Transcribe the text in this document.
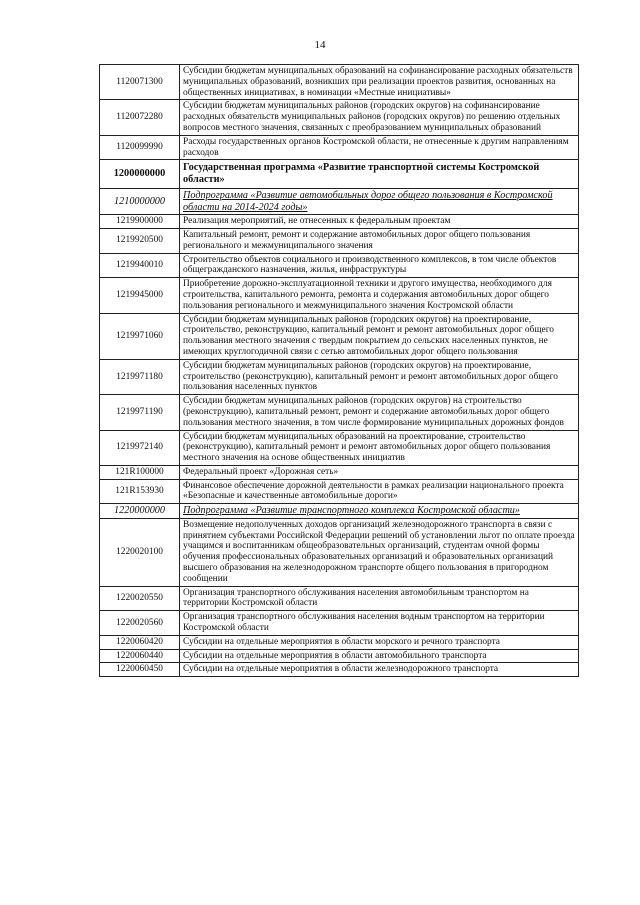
14
1120071300	Субсидии бюджетам муниципальных образований на софинансирование расходных обязательств муниципальных образований, возникших при реализации проектов развития, основанных на общественных инициативах, в номинации «Местные инициативы»
1120072280	Субсидии бюджетам муниципальных районов (городских округов) на софинансирование расходных обязательств муниципальных районов (городских округов) по решению отдельных вопросов местного значения, связанных с преобразованием муниципальных образований
1120099990	Расходы государственных органов Костромской области, не отнесенные к другим направлениям расходов
1200000000	Государственная программа «Развитие транспортной системы Костромской области»
1210000000	Подпрограмма «Развитие автомобильных дорог общего пользования в Костромской области на 2014-2024 годы»
1219900000	Реализация мероприятий, не отнесенных к федеральным проектам
1219920500	Капитальный ремонт, ремонт и содержание автомобильных дорог общего пользования регионального и межмуниципального значения
1219940010	Строительство объектов социального и производственного комплексов, в том числе объектов общегражданского назначения, жилья, инфраструктуры
1219945000	Приобретение дорожно-эксплуатационной техники и другого имущества, необходимого для строительства, капитального ремонта, ремонта и содержания автомобильных дорог общего пользования регионального и межмуниципального значения Костромской области
1219971060	Субсидии бюджетам муниципальных районов (городских округов) на проектирование, строительство, реконструкцию, капитальный ремонт и ремонт автомобильных дорог общего пользования местного значения с твердым покрытием до сельских населенных пунктов, не имеющих круглогодичной связи с сетью автомобильных дорог общего пользования
1219971180	Субсидии бюджетам муниципальных районов (городских округов) на проектирование, строительство (реконструкцию), капитальный ремонт и ремонт автомобильных дорог общего пользования населенных пунктов
1219971190	Субсидии бюджетам муниципальных районов (городских округов) на строительство (реконструкцию), капитальный ремонт, ремонт и содержание автомобильных дорог общего пользования местного значения, в том числе формирование муниципальных дорожных фондов
1219972140	Субсидии бюджетам муниципальных образований на проектирование, строительство (реконструкцию), капитальный ремонт и ремонт автомобильных дорог общего пользования местного значения на основе общественных инициатив
121R100000	Федеральный проект «Дорожная сеть»
121R153930	Финансовое обеспечение дорожной деятельности в рамках реализации национального проекта «Безопасные и качественные автомобильные дороги»
1220000000	Подпрограмма «Развитие транспортного комплекса Костромской области»
1220020100	Возмещение недополученных доходов организаций железнодорожного транспорта в связи с принятием субъектами Российской Федерации решений об установлении льгот по оплате проезда учащимся и воспитанникам общеобразовательных организаций, студентам очной формы обучения профессиональных образовательных организаций и образовательных организаций высшего образования на железнодорожном транспорте общего пользования в пригородном сообщении
1220020550	Организация транспортного обслуживания населения автомобильным транспортом на территории Костромской области
1220020560	Организация транспортного обслуживания населения водным транспортом на территории Костромской области
1220060420	Субсидии на отдельные мероприятия в области морского и речного транспорта
1220060440	Субсидии на отдельные мероприятия в области автомобильного транспорта
1220060450	Субсидии на отдельные мероприятия в области железнодорожного транспорта
